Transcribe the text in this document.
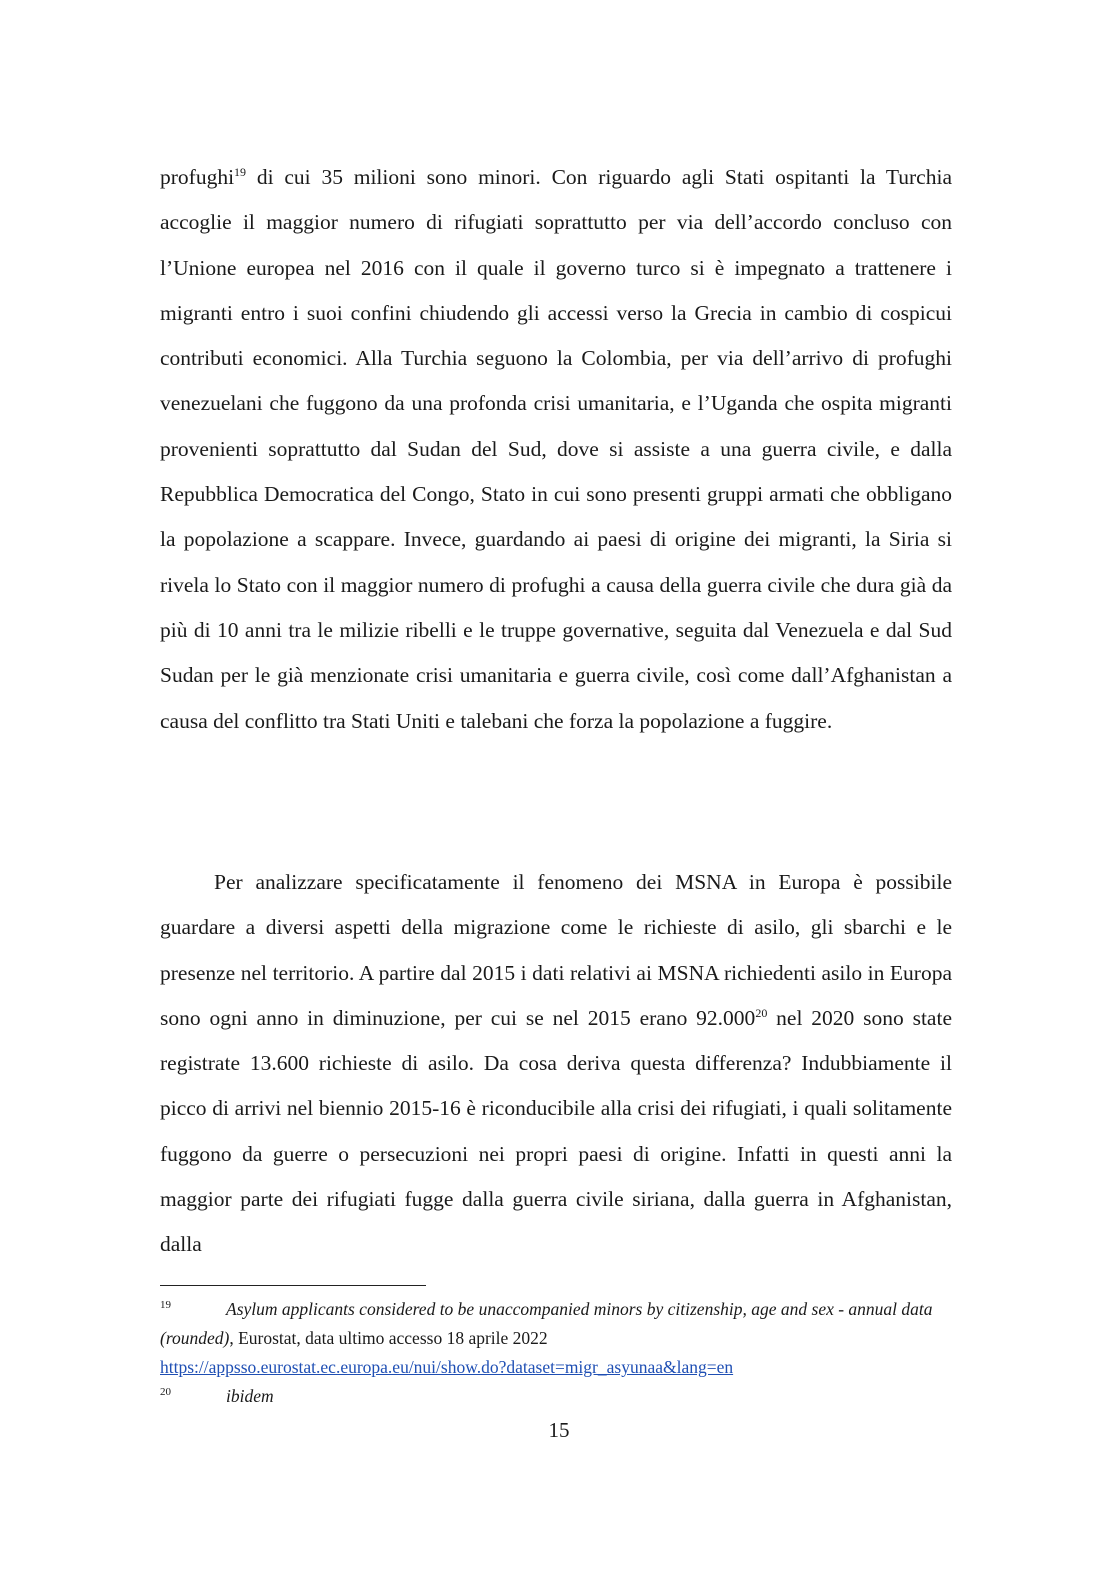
profughi$^{19}$ di cui 35 milioni sono minori. Con riguardo agli Stati ospitanti la Turchia accoglie il maggior numero di rifugiati soprattutto per via dell’accordo concluso con l’Unione europea nel 2016 con il quale il governo turco si è impegnato a trattenere i migranti entro i suoi confini chiudendo gli accessi verso la Grecia in cambio di cospicui contributi economici. Alla Turchia seguono la Colombia, per via dell’arrivo di profughi venezuelani che fuggono da una profonda crisi umanitaria, e l’Uganda che ospita migranti provenienti soprattutto dal Sudan del Sud, dove si assiste a una guerra civile, e dalla Repubblica Democratica del Congo, Stato in cui sono presenti gruppi armati che obbligano la popolazione a scappare. Invece, guardando ai paesi di origine dei migranti, la Siria si rivela lo Stato con il maggior numero di profughi a causa della guerra civile che dura già da più di 10 anni tra le milizie ribelli e le truppe governative, seguita dal Venezuela e dal Sud Sudan per le già menzionate crisi umanitaria e guerra civile, così come dall’Afghanistan a causa del conflitto tra Stati Uniti e talebani che forza la popolazione a fuggire.

Per analizzare specificatamente il fenomeno dei MSNA in Europa è possibile guardare a diversi aspetti della migrazione come le richieste di asilo, gli sbarchi e le presenze nel territorio. A partire dal 2015 i dati relativi ai MSNA richiedenti asilo in Europa sono ogni anno in diminuzione, per cui se nel 2015 erano 92.000$^{20}$ nel 2020 sono state registrate 13.600 richieste di asilo. Da cosa deriva questa differenza? Indubbiamente il picco di arrivi nel biennio 2015-16 è riconducibile alla crisi dei rifugiati, i quali solitamente fuggono da guerre o persecuzioni nei propri paesi di origine. Infatti in questi anni la maggior parte dei rifugiati fugge dalla guerra civile siriana, dalla guerra in Afghanistan, dalla

19	Asylum applicants considered to be unaccompanied minors by citizenship, age and sex - annual data (rounded), Eurostat, data ultimo accesso 18 aprile 2022
https://appsso.eurostat.ec.europa.eu/nui/show.do?dataset=migr_asyunaa&lang=en

20	ibidem

15
